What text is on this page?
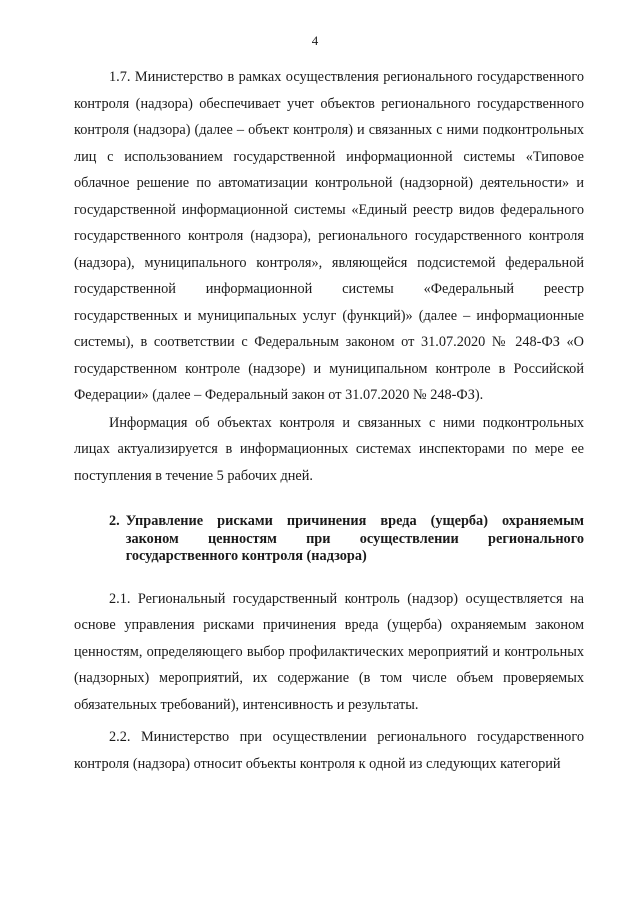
4

1.7. Министерство в рамках осуществления регионального государственного контроля (надзора) обеспечивает учет объектов регионального государственного контроля (надзора) (далее – объект контроля) и связанных с ними подконтрольных лиц с использованием государственной информационной системы «Типовое облачное решение по автоматизации контрольной (надзорной) деятельности» и государственной информационной системы «Единый реестр видов федерального государственного контроля (надзора), регионального государственного контроля (надзора), муниципального контроля», являющейся подсистемой федеральной государственной информационной системы «Федеральный реестр государственных и муниципальных услуг (функций)» (далее – информационные системы), в соответствии с Федеральным законом от 31.07.2020 № 248-ФЗ «О государственном контроле (надзоре) и муниципальном контроле в Российской Федерации» (далее – Федеральный закон от 31.07.2020 № 248-ФЗ).

Информация об объектах контроля и связанных с ними подконтрольных лицах актуализируется в информационных системах инспекторами по мере ее поступления в течение 5 рабочих дней.

2. Управление рисками причинения вреда (ущерба) охраняемым законом ценностям при осуществлении регионального государственного контроля (надзора)

2.1. Региональный государственный контроль (надзор) осуществляется на основе управления рисками причинения вреда (ущерба) охраняемым законом ценностям, определяющего выбор профилактических мероприятий и контрольных (надзорных) мероприятий, их содержание (в том числе объем проверяемых обязательных требований), интенсивность и результаты.

2.2. Министерство при осуществлении регионального государственного контроля (надзора) относит объекты контроля к одной из следующих категорий
